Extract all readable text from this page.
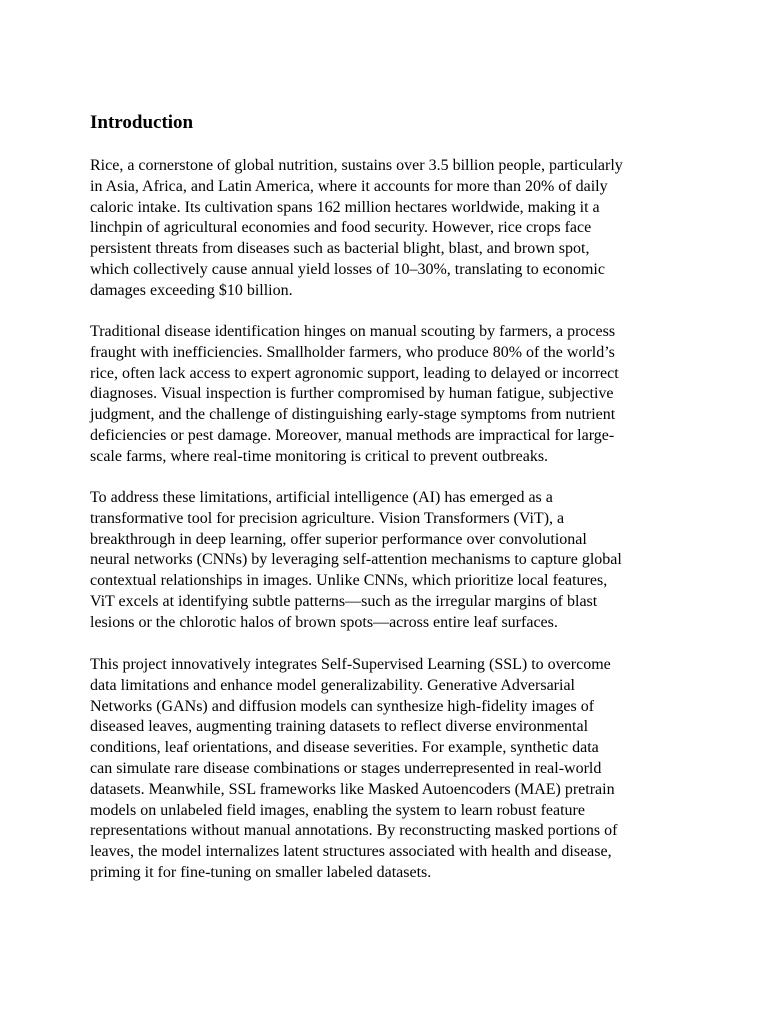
Introduction

Rice, a cornerstone of global nutrition, sustains over 3.5 billion people, particularly
in Asia, Africa, and Latin America, where it accounts for more than 20% of daily
caloric intake. Its cultivation spans 162 million hectares worldwide, making it a
linchpin of agricultural economies and food security. However, rice crops face
persistent threats from diseases such as bacterial blight, blast, and brown spot,
which collectively cause annual yield losses of 10–30%, translating to economic
damages exceeding $10 billion.

Traditional disease identification hinges on manual scouting by farmers, a process
fraught with inefficiencies. Smallholder farmers, who produce 80% of the world’s
rice, often lack access to expert agronomic support, leading to delayed or incorrect
diagnoses. Visual inspection is further compromised by human fatigue, subjective
judgment, and the challenge of distinguishing early-stage symptoms from nutrient
deficiencies or pest damage. Moreover, manual methods are impractical for large-
scale farms, where real-time monitoring is critical to prevent outbreaks.

To address these limitations, artificial intelligence (AI) has emerged as a
transformative tool for precision agriculture. Vision Transformers (ViT), a
breakthrough in deep learning, offer superior performance over convolutional
neural networks (CNNs) by leveraging self-attention mechanisms to capture global
contextual relationships in images. Unlike CNNs, which prioritize local features,
ViT excels at identifying subtle patterns—such as the irregular margins of blast
lesions or the chlorotic halos of brown spots—across entire leaf surfaces.

This project innovatively integrates Self-Supervised Learning (SSL) to overcome
data limitations and enhance model generalizability. Generative Adversarial
Networks (GANs) and diffusion models can synthesize high-fidelity images of
diseased leaves, augmenting training datasets to reflect diverse environmental
conditions, leaf orientations, and disease severities. For example, synthetic data
can simulate rare disease combinations or stages underrepresented in real-world
datasets. Meanwhile, SSL frameworks like Masked Autoencoders (MAE) pretrain
models on unlabeled field images, enabling the system to learn robust feature
representations without manual annotations. By reconstructing masked portions of
leaves, the model internalizes latent structures associated with health and disease,
priming it for fine-tuning on smaller labeled datasets.
